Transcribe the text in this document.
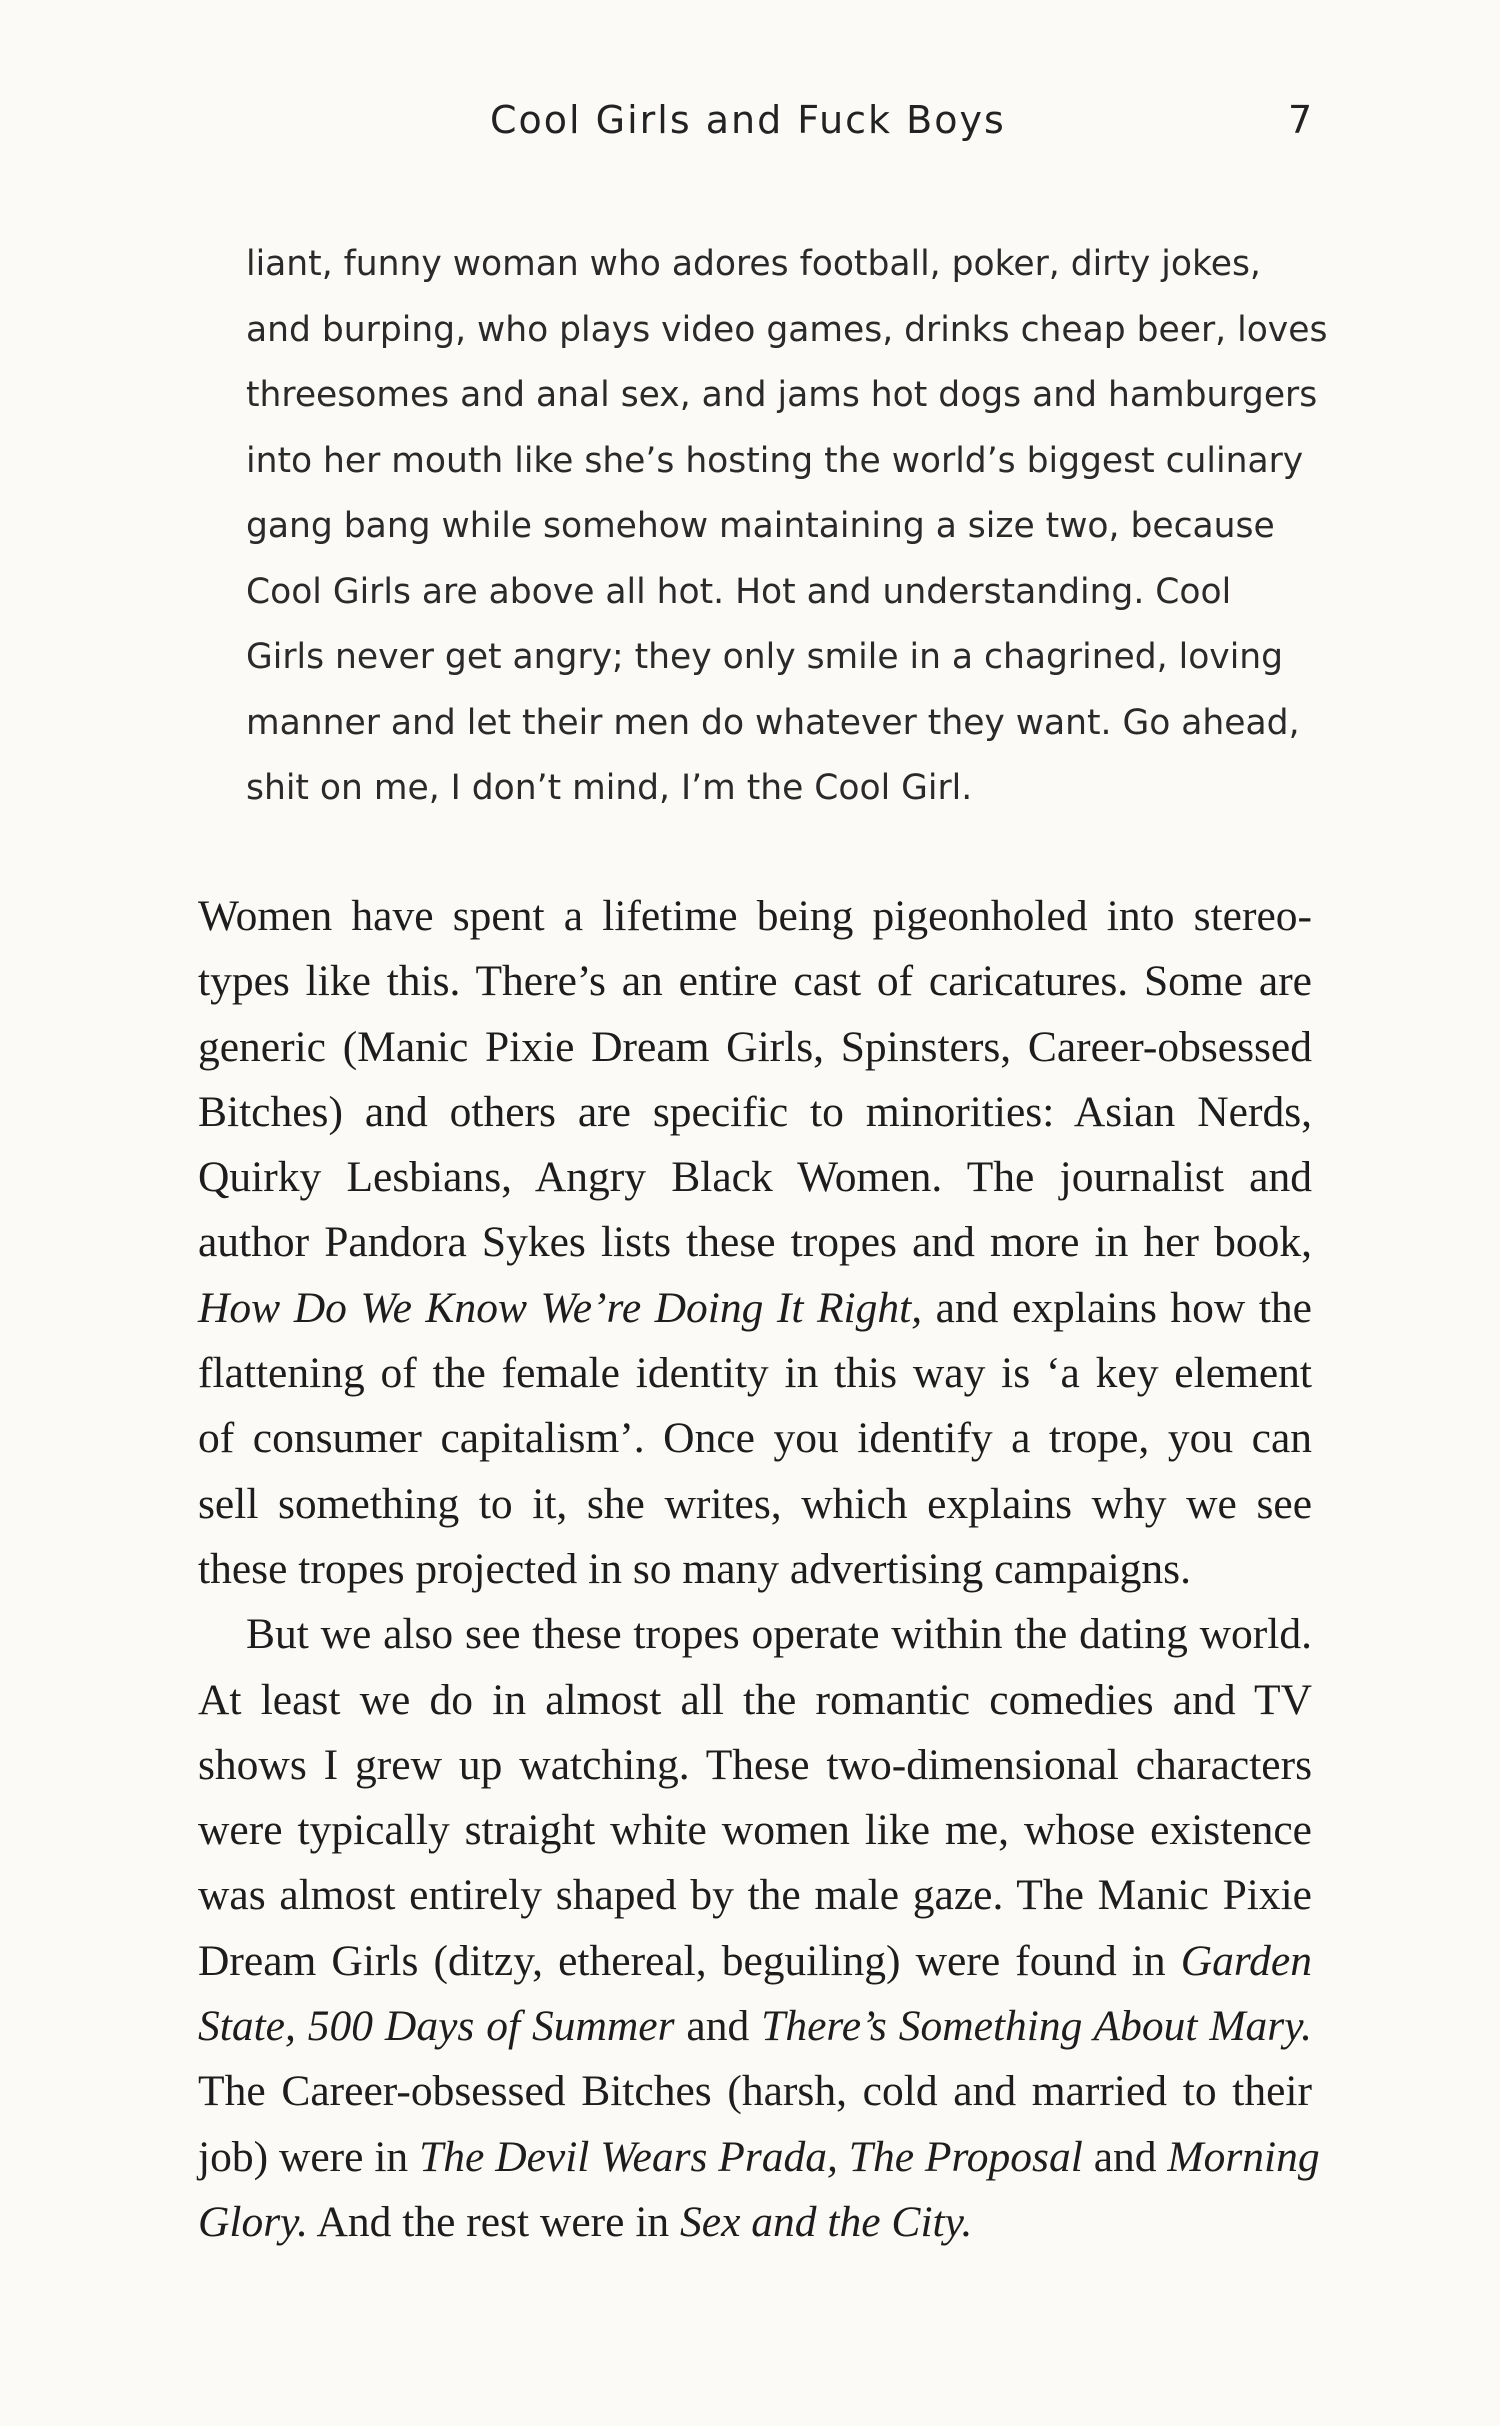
Cool Girls and Fuck Boys	7
liant, funny woman who adores football, poker, dirty jokes,
and burping, who plays video games, drinks cheap beer, loves
threesomes and anal sex, and jams hot dogs and hamburgers
into her mouth like she’s hosting the world’s biggest culinary
gang bang while somehow maintaining a size two, because
Cool Girls are above all hot. Hot and understanding. Cool
Girls never get angry; they only smile in a chagrined, loving
manner and let their men do whatever they want. Go ahead,
shit on me, I don’t mind, I’m the Cool Girl.
Women have spent a lifetime being pigeonholed into stereo-
types like this. There’s an entire cast of caricatures. Some are
generic (Manic Pixie Dream Girls, Spinsters, Career-obsessed
Bitches) and others are specific to minorities: Asian Nerds,
Quirky Lesbians, Angry Black Women. The journalist and
author Pandora Sykes lists these tropes and more in her book,
How Do We Know We’re Doing It Right, and explains how the
flattening of the female identity in this way is ‘a key element
of consumer capitalism’. Once you identify a trope, you can
sell something to it, she writes, which explains why we see
these tropes projected in so many advertising campaigns.
But we also see these tropes operate within the dating world.
At least we do in almost all the romantic comedies and TV
shows I grew up watching. These two-dimensional characters
were typically straight white women like me, whose existence
was almost entirely shaped by the male gaze. The Manic Pixie
Dream Girls (ditzy, ethereal, beguiling) were found in Garden
State, 500 Days of Summer and There’s Something About Mary.
The Career-obsessed Bitches (harsh, cold and married to their
job) were in The Devil Wears Prada, The Proposal and Morning
Glory. And the rest were in Sex and the City.
